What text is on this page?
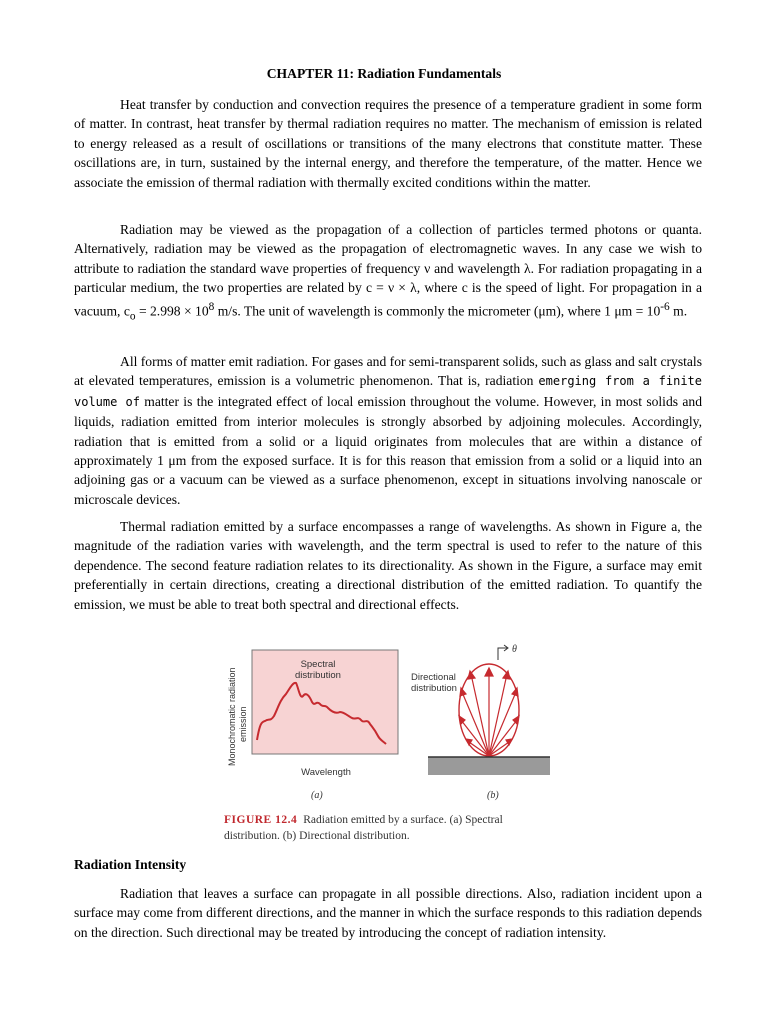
CHAPTER 11: Radiation Fundamentals

Heat transfer by conduction and convection requires the presence of a temperature gradient in some form of matter. In contrast, heat transfer by thermal radiation requires no matter. The mechanism of emission is related to energy released as a result of oscillations or transitions of the many electrons that constitute matter. These oscillations are, in turn, sustained by the internal energy, and therefore the temperature, of the matter. Hence we associate the emission of thermal radiation with thermally excited conditions within the matter.

Radiation may be viewed as the propagation of a collection of particles termed photons or quanta. Alternatively, radiation may be viewed as the propagation of electromagnetic waves. In any case we wish to attribute to radiation the standard wave properties of frequency ν and wavelength λ. For radiation propagating in a particular medium, the two properties are related by c = ν × λ, where c is the speed of light. For propagation in a vacuum, $c_o = 2.998 \times 10^8$ m/s. The unit of wavelength is commonly the micrometer (μm), where 1 $\mu m = 10^{-6}$ m.

All forms of matter emit radiation. For gases and for semi-transparent solids, such as glass and salt crystals at elevated temperatures, emission is a volumetric phenomenon. That is, radiation emerging from a finite volume of matter is the integrated effect of local emission throughout the volume. However, in most solids and liquids, radiation emitted from interior molecules is strongly absorbed by adjoining molecules. Accordingly, radiation that is emitted from a solid or a liquid originates from molecules that are within a distance of approximately 1 μm from the exposed surface. It is for this reason that emission from a solid or a liquid into an adjoining gas or a vacuum can be viewed as a surface phenomenon, except in situations involving nanoscale or microscale devices.

Thermal radiation emitted by a surface encompasses a range of wavelengths. As shown in Figure a, the magnitude of the radiation varies with wavelength, and the term spectral is used to refer to the nature of this dependence. The second feature radiation relates to its directionality. As shown in the Figure, a surface may emit preferentially in certain directions, creating a directional distribution of the emitted radiation. To quantify the emission, we must be able to treat both spectral and directional effects.

Monochromatic radiation emission
Spectral
distribution
Wavelength
(a)
Directional
distribution
θ
(b)
FIGURE 12.4 Radiation emitted by a surface. (a) Spectral
distribution. (b) Directional distribution.
Radiation Intensity

Radiation that leaves a surface can propagate in all possible directions. Also, radiation incident upon a surface may come from different directions, and the manner in which the surface responds to this radiation depends on the direction. Such directional may be treated by introducing the concept of radiation intensity.
